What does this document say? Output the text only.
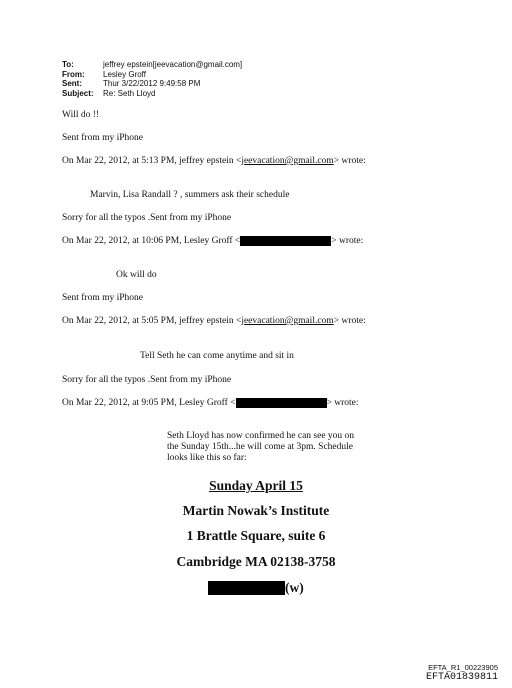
To:	jeffrey epstein[jeevacation@gmail.com]
From:	Lesley Groff
Sent:	Thur 3/22/2012 9:49:58 PM
Subject:	Re: Seth Lloyd
Will do !!
Sent from my iPhone
On Mar 22, 2012, at 5:13 PM, jeffrey epstein < jeevacation@gmail.com > wrote:
Marvin, Lisa Randall ? , summers ask their schedule
Sorry for all the typos .Sent from my iPhone
On Mar 22, 2012, at 10:06 PM, Lesley Groff <	> wrote:
Ok will do
Sent from my iPhone
On Mar 22, 2012, at 5:05 PM, jeffrey epstein < jeevacation@gmail.com > wrote:
Tell Seth he can come anytime and sit in
Sorry for all the typos .Sent from my iPhone
On Mar 22, 2012, at 9:05 PM, Lesley Groff <	> wrote:
Seth Lloyd has now confirmed he can see you on the Sunday 15th...he will come at 3pm. Schedule looks like this so far:
Sunday April 15
Martin Nowak’s Institute
1 Brattle Square, suite 6
Cambridge MA 02138-3758
(w)
EFTA_R1_00223905
EFTA01839811
